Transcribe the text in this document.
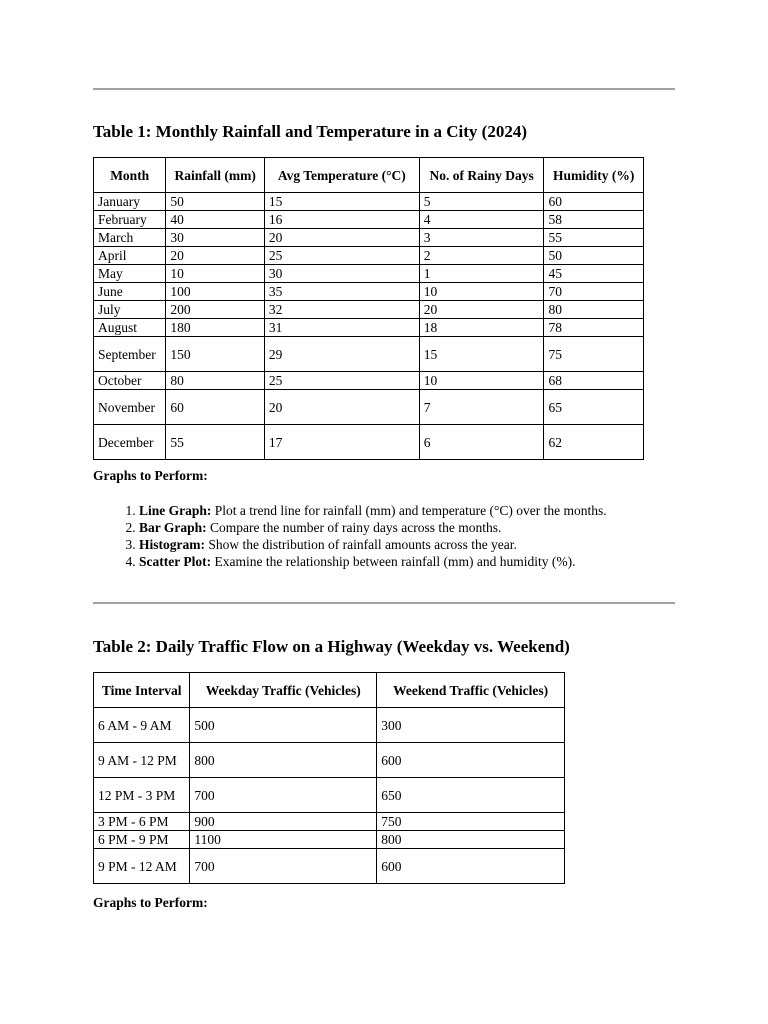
Table 1: Monthly Rainfall and Temperature in a City (2024)
Month	Rainfall (mm)	Avg Temperature (°C)	No. of Rainy Days	Humidity (%)
January	50	15	5	60
February	40	16	4	58
March	30	20	3	55
April	20	25	2	50
May	10	30	1	45
June	100	35	10	70
July	200	32	20	80
August	180	31	18	78
September	150	29	15	75
October	80	25	10	68
November	60	20	7	65
December	55	17	6	62
Graphs to Perform:
1. Line Graph: Plot a trend line for rainfall (mm) and temperature (°C) over the months.
2. Bar Graph: Compare the number of rainy days across the months.
3. Histogram: Show the distribution of rainfall amounts across the year.
4. Scatter Plot: Examine the relationship between rainfall (mm) and humidity (%).
Table 2: Daily Traffic Flow on a Highway (Weekday vs. Weekend)
Time Interval	Weekday Traffic (Vehicles)	Weekend Traffic (Vehicles)
6 AM - 9 AM	500	300
9 AM - 12 PM	800	600
12 PM - 3 PM	700	650
3 PM - 6 PM	900	750
6 PM - 9 PM	1100	800
9 PM - 12 AM	700	600
Graphs to Perform:
